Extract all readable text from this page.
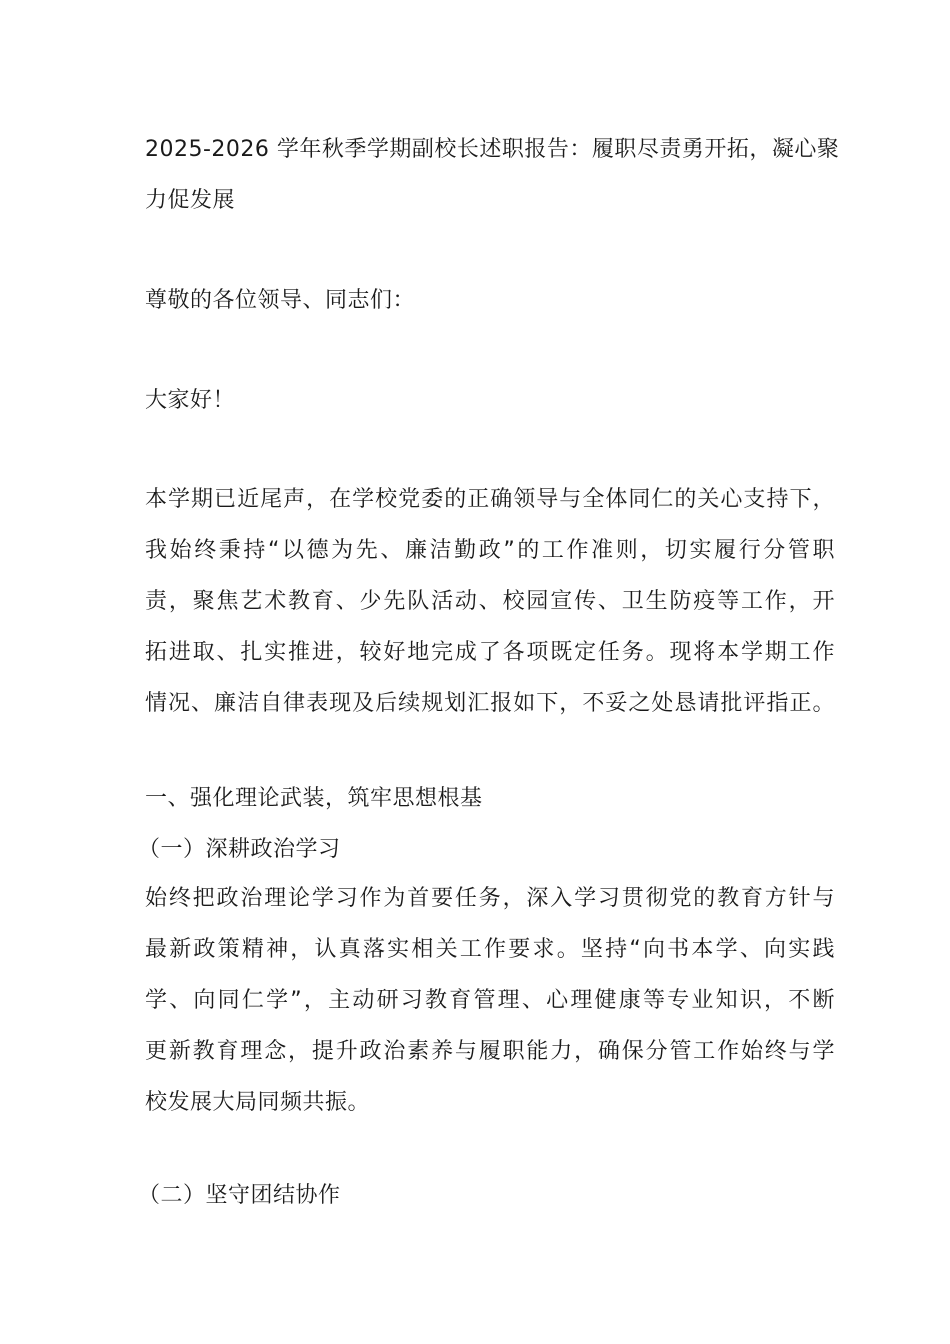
2025-2026 学年秋季学期副校长述职报告：履职尽责勇开拓，凝心聚
力促发展

尊敬的各位领导、同志们：

大家好！

本学期已近尾声，在学校党委的正确领导与全体同仁的关心支持下，
我始终秉持“以德为先、廉洁勤政”的工作准则，切实履行分管职
责，聚焦艺术教育、少先队活动、校园宣传、卫生防疫等工作，开
拓进取、扎实推进，较好地完成了各项既定任务。现将本学期工作
情况、廉洁自律表现及后续规划汇报如下，不妥之处恳请批评指正。

一、强化理论武装，筑牢思想根基
（一）深耕政治学习

始终把政治理论学习作为首要任务，深入学习贯彻党的教育方针与
最新政策精神，认真落实相关工作要求。坚持“向书本学、向实践
学、向同仁学”，主动研习教育管理、心理健康等专业知识，不断
更新教育理念，提升政治素养与履职能力，确保分管工作始终与学
校发展大局同频共振。

（二）坚守团结协作
